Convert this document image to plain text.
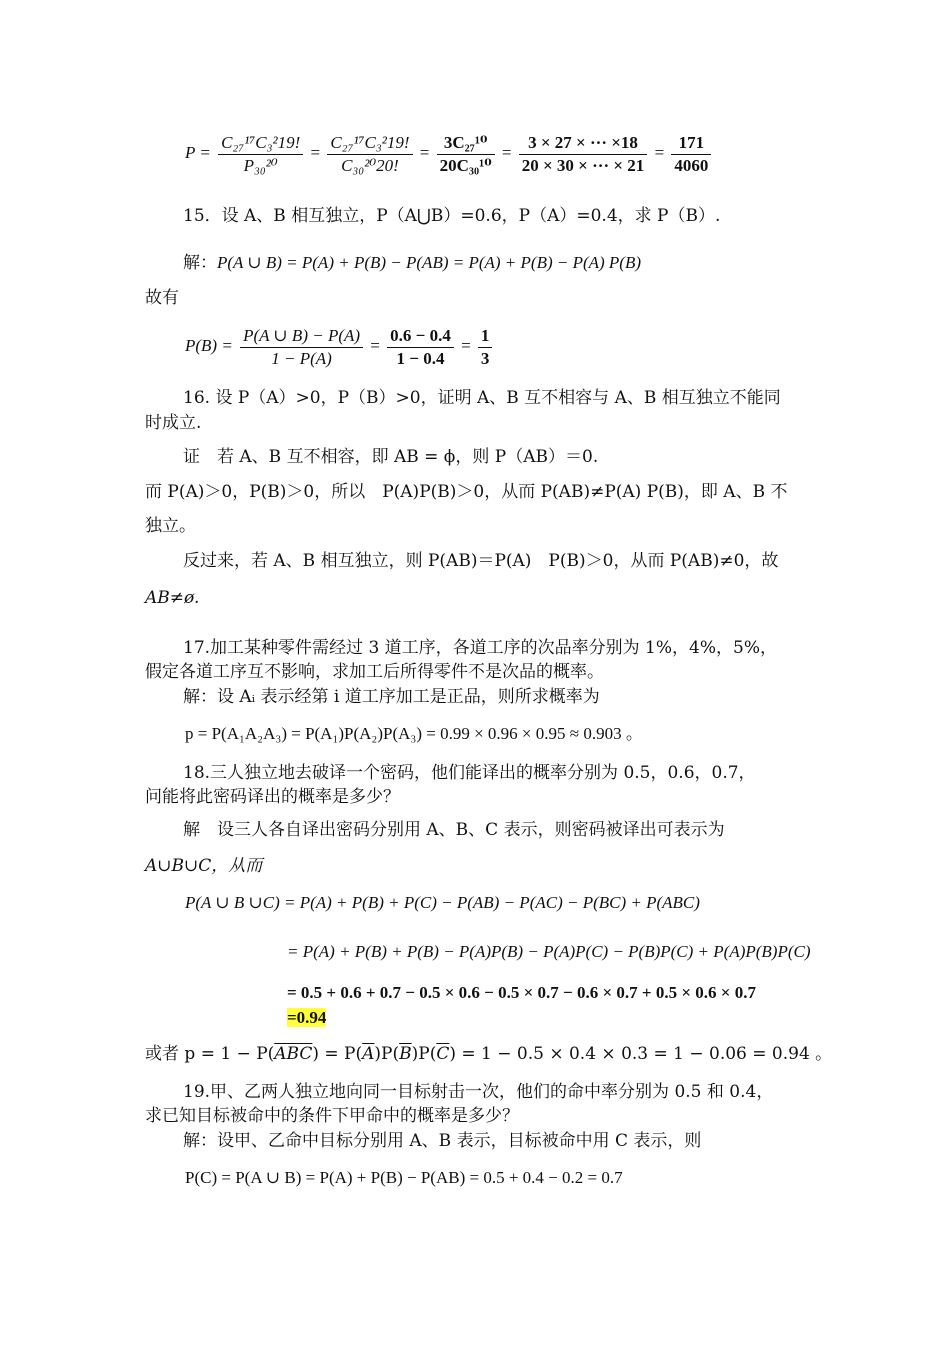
$P = \frac{\text{C₂₇¹⁷C₃²19!}}{\text{P₃₀²⁰}} = \frac{\text{C₂₇¹⁷C₃²19!}}{\text{C₃₀²⁰20!}} = \frac{\text{3C₂₇¹⁰}}{\text{20C₃₀¹⁰}} = \frac{3 \times 27 \times \cdot\cdot\cdot \times 18}{20 \times 30 \times \cdot\cdot\cdot \times 21} = \frac{171}{4060}$
15．设 A、B 相互独立，P（A⋃B）=0.6，P（A）=0.4，求 P（B）.
解：P(A ∪ B) = P(A) + P(B) − P(AB) = P(A) + P(B) − P(A) P(B)
故有
$P(B) = \frac{P(A \cup B) - P(A)}{1 - P(A)} = \frac{0.6 - 0.4}{1 - 0.4} = \frac{1}{3}$
16. 设 P（A）>0，P（B）>0，证明 A、B 互不相容与 A、B 相互独立不能同
时成立.
证　若 A、B 互不相容，即 AB = ϕ，则 P（AB）＝0.
而 P(A)＞0，P(B)＞0，所以　P(A)P(B)＞0，从而 P(AB)≠P(A) P(B)，即 A、B 不
独立。
反过来，若 A、B 相互独立，则 P(AB)＝P(A)　P(B)＞0，从而 P(AB)≠0，故
AB≠ø.
17.加工某种零件需经过 3 道工序，各道工序的次品率分别为 1%，4%，5%，
假定各道工序互不影响，求加工后所得零件不是次品的概率。
解：设 Aᵢ 表示经第 i 道工序加工是正品，则所求概率为
p = P(A₁A₂A₃) = P(A₁)P(A₂)P(A₃) = 0.99 × 0.96 × 0.95 ≈ 0.903 。
18.三人独立地去破译一个密码，他们能译出的概率分别为 0.5，0.6，0.7，
问能将此密码译出的概率是多少？
解　设三人各自译出密码分别用 A、B、C 表示，则密码被译出可表示为
A∪B∪C，从而
P(A ∪ B ∪C) = P(A) + P(B) + P(C) − P(AB) − P(AC) − P(BC) + P(ABC)
= P(A) + P(B) + P(B) − P(A)P(B) − P(A)P(C) − P(B)P(C) + P(A)P(B)P(C)
= 0.5 + 0.6 + 0.7 − 0.5 × 0.6 − 0.5 × 0.7 − 0.6 × 0.7 + 0.5 × 0.6 × 0.7
=0.94
或者 $p = 1 - P(\overline{ABC}) = P(\overline{A})P(\overline{B})P(\overline{C}) = 1 - 0.5 \times 0.4 \times 0.3 = 1 - 0.06 = 0.94$ 。
19.甲、乙两人独立地向同一目标射击一次，他们的命中率分别为 0.5 和 0.4，
求已知目标被命中的条件下甲命中的概率是多少？
解：设甲、乙命中目标分别用 A、B 表示，目标被命中用 C 表示，则
P(C) = P(A ∪ B) = P(A) + P(B) − P(AB) = 0.5 + 0.4 − 0.2 = 0.7
